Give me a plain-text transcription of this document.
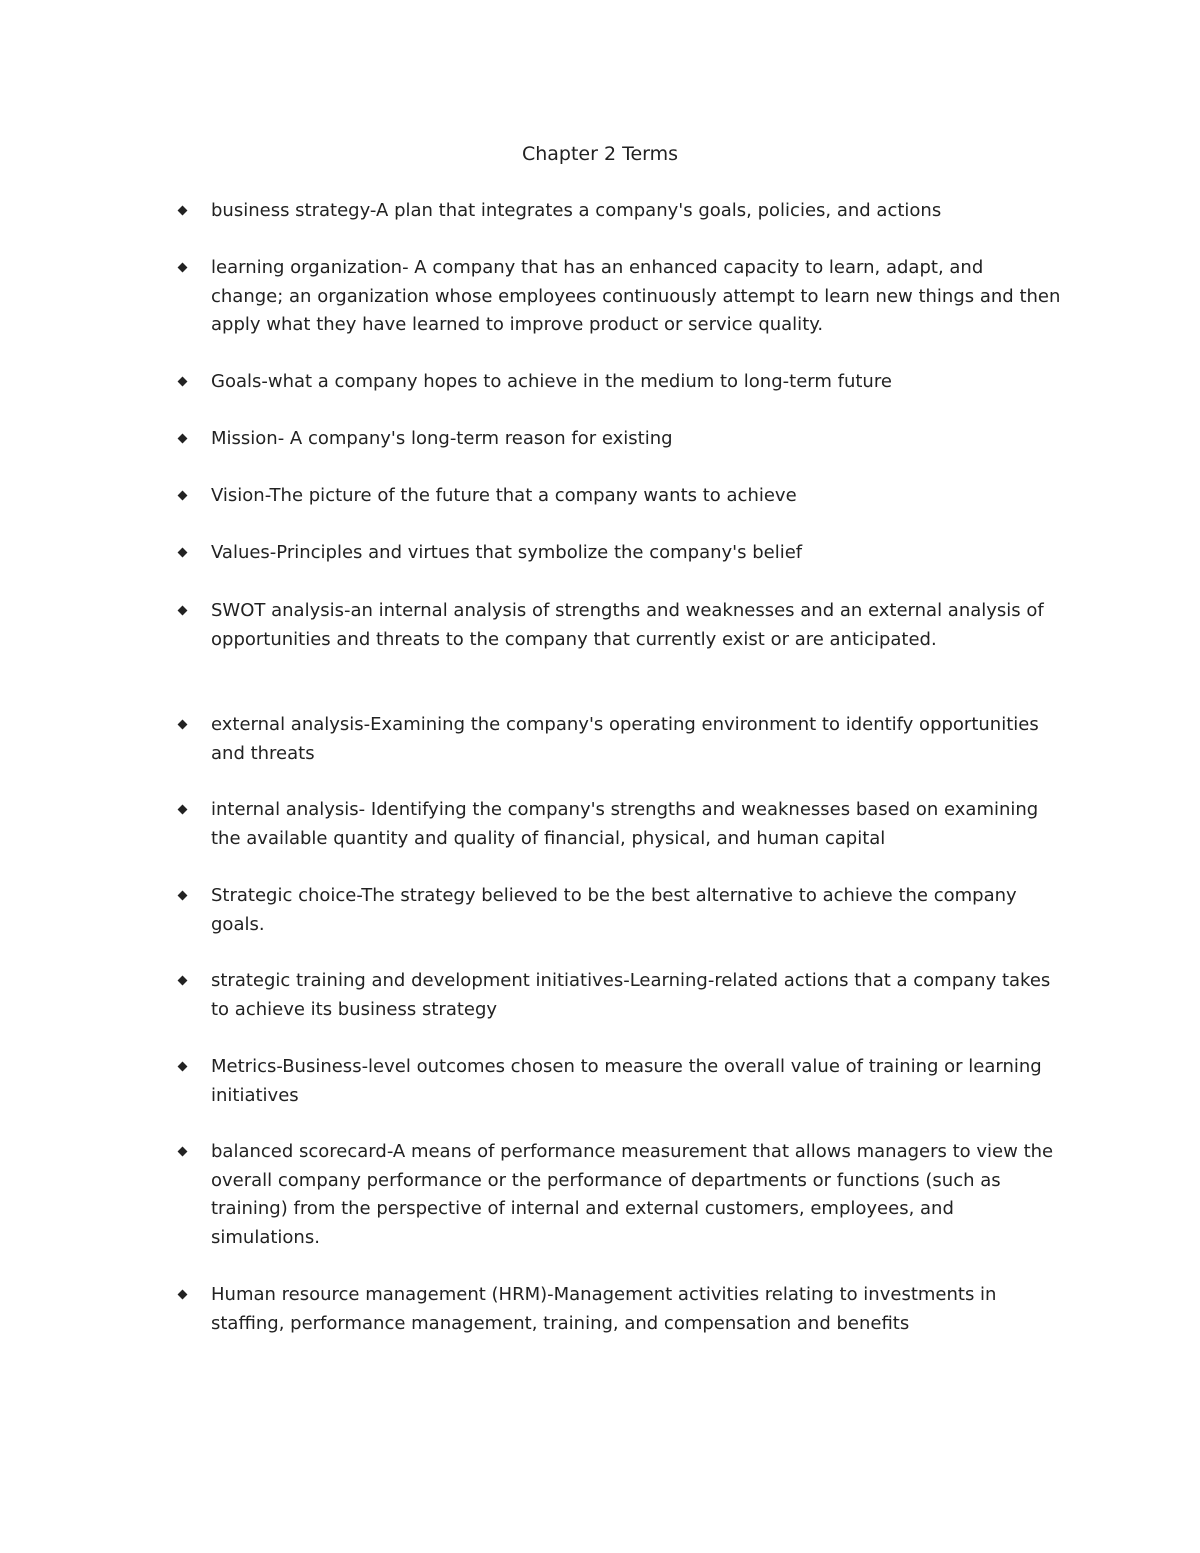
Chapter 2 Terms
business strategy-A plan that integrates a company's goals, policies, and actions
learning organization- A company that has an enhanced capacity to learn, adapt, and change; an organization whose employees continuously attempt to learn new things and then apply what they have learned to improve product or service quality.
Goals-what a company hopes to achieve in the medium to long-term future
Mission- A company's long-term reason for existing
Vision-The picture of the future that a company wants to achieve
Values-Principles and virtues that symbolize the company's belief
SWOT analysis-an internal analysis of strengths and weaknesses and an external analysis of opportunities and threats to the company that currently exist or are anticipated.
external analysis-Examining the company's operating environment to identify opportunities and threats
internal analysis- Identifying the company's strengths and weaknesses based on examining the available quantity and quality of financial, physical, and human capital
Strategic choice-The strategy believed to be the best alternative to achieve the company goals.
strategic training and development initiatives-Learning-related actions that a company takes to achieve its business strategy
Metrics-Business-level outcomes chosen to measure the overall value of training or learning initiatives
balanced scorecard-A means of performance measurement that allows managers to view the overall company performance or the performance of departments or functions (such as training) from the perspective of internal and external customers, employees, and simulations.
Human resource management (HRM)-Management activities relating to investments in staffing, performance management, training, and compensation and benefits
